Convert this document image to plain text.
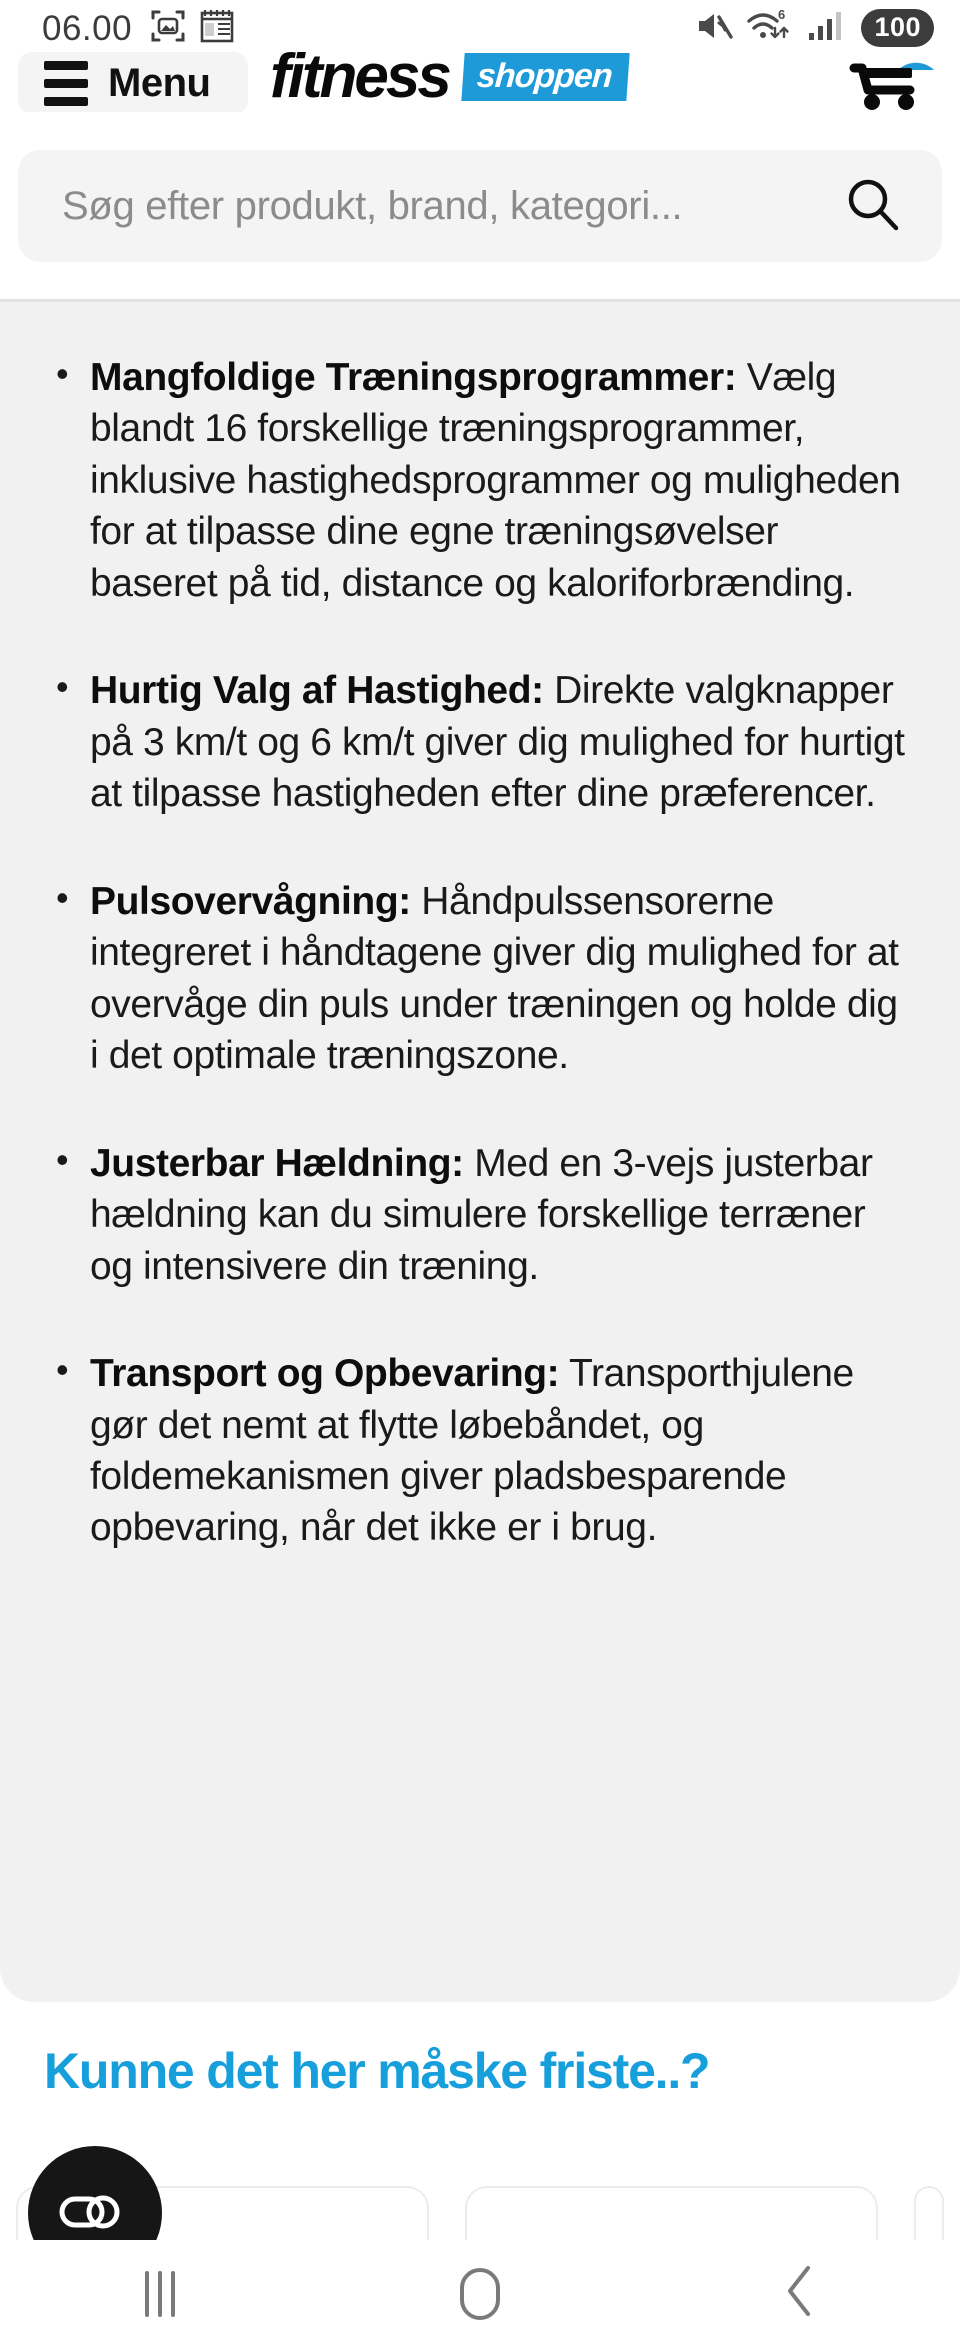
Menu fitness shoppen
06.00	6	100
Søg efter produkt, brand, kategori...
• Mangfoldige Træningsprogrammer: Vælg blandt 16 forskellige træningsprogrammer, inklusive hastighedsprogrammer og muligheden for at tilpasse dine egne træningsøvelser baseret på tid, distance og kaloriforbrænding.
• Hurtig Valg af Hastighed: Direkte valgknapper på 3 km/t og 6 km/t giver dig mulighed for hurtigt at tilpasse hastigheden efter dine præferencer.
• Pulsovervågning: Håndpulssensorerne integreret i håndtagene giver dig mulighed for at overvåge din puls under træningen og holde dig i det optimale træningszone.
• Justerbar Hældning: Med en 3-vejs justerbar hældning kan du simulere forskellige terræner og intensivere din træning.
• Transport og Opbevaring: Transporthjulene gør det nemt at flytte løbebåndet, og foldemekanismen giver pladsbesparende opbevaring, når det ikke er i brug.
Kunne det her måske friste..?
